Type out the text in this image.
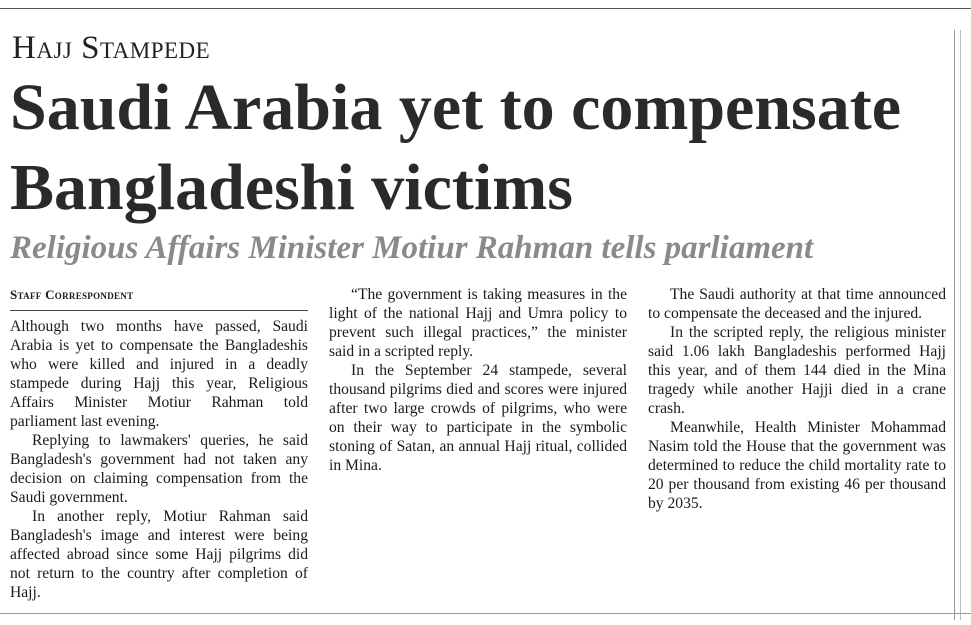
Hajj Stampede
Saudi Arabia yet to compensate Bangladeshi victims
Religious Affairs Minister Motiur Rahman tells parliament
Staff Correspondent

Although two months have passed, Saudi Arabia is yet to compensate the Bangladeshis who were killed and injured in a deadly stampede during Hajj this year, Religious Affairs Minister Motiur Rahman told parliament last evening.

Replying to lawmakers' queries, he said Bangladesh's government had not taken any decision on claiming compensation from the Saudi government.

In another reply, Motiur Rahman said Bangladesh's image and interest were being affected abroad since some Hajj pilgrims did not return to the country after completion of Hajj.

“The government is taking measures in the light of the national Hajj and Umra policy to prevent such illegal practices,” the minister said in a scripted reply.

In the September 24 stampede, several thousand pilgrims died and scores were injured after two large crowds of pilgrims, who were on their way to participate in the symbolic stoning of Satan, an annual Hajj ritual, collided in Mina.

The Saudi authority at that time announced to compensate the deceased and the injured.

In the scripted reply, the religious minister said 1.06 lakh Bangladeshis performed Hajj this year, and of them 144 died in the Mina tragedy while another Hajji died in a crane crash.

Meanwhile, Health Minister Mohammad Nasim told the House that the government was determined to reduce the child mortality rate to 20 per thousand from existing 46 per thousand by 2035.
